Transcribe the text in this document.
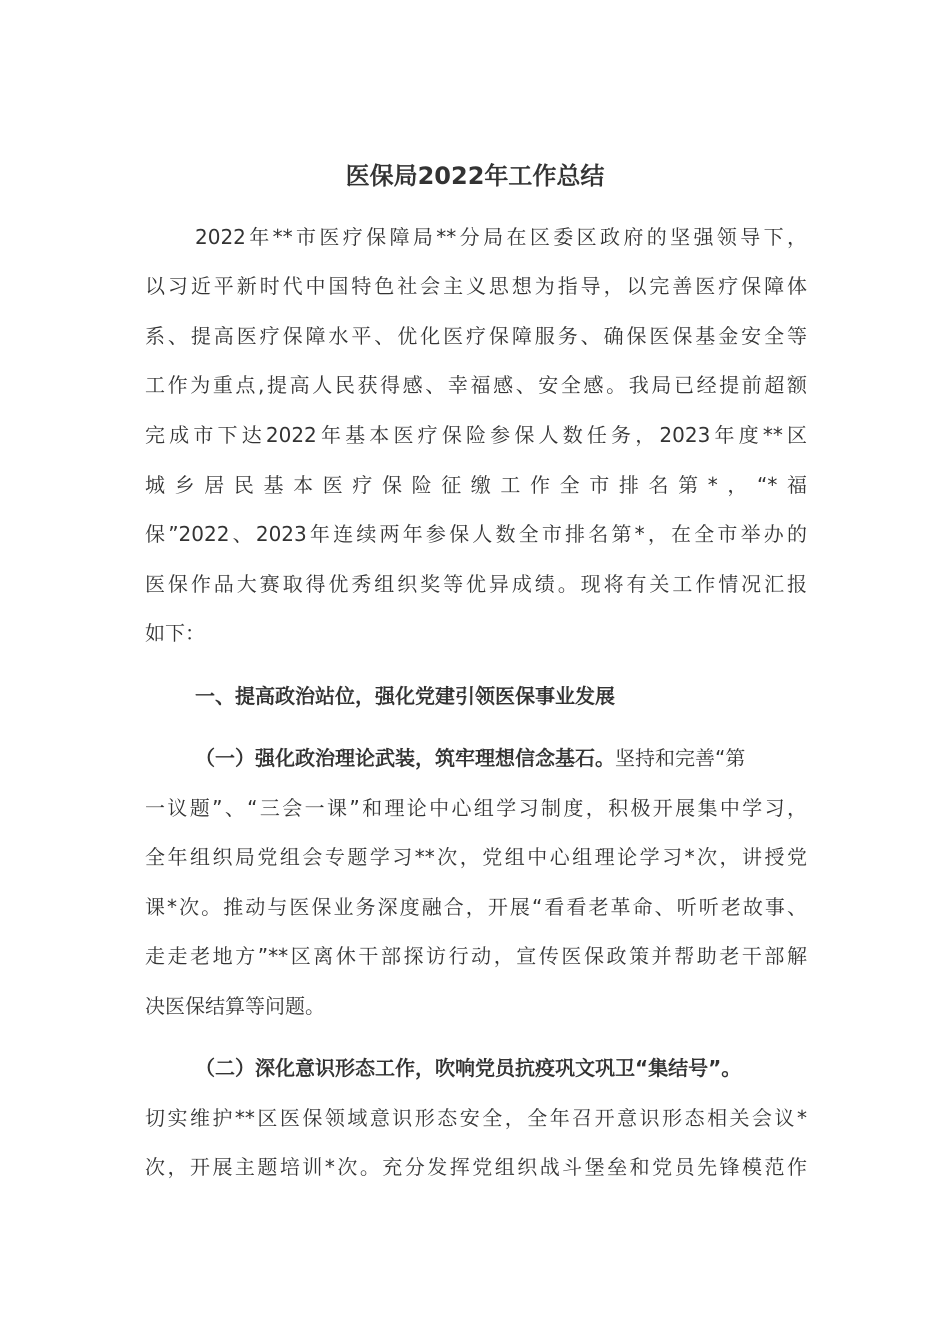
医保局2022年工作总结
2022年**市医疗保障局**分局在区委区政府的坚强领导下，
以习近平新时代中国特色社会主义思想为指导，以完善医疗保障体
系、提高医疗保障水平、优化医疗保障服务、确保医保基金安全等
工作为重点,提高人民获得感、幸福感、安全感。我局已经提前超额
完成市下达2022年基本医疗保险参保人数任务，2023年度**区
城乡居民基本医疗保险征缴工作全市排名第*，“*福
保”2022、2023年连续两年参保人数全市排名第*，在全市举办的
医保作品大赛取得优秀组织奖等优异成绩。现将有关工作情况汇报
如下：
一、提高政治站位，强化党建引领医保事业发展
（一）强化政治理论武装，筑牢理想信念基石。坚持和完善“第
一议题”、“三会一课”和理论中心组学习制度，积极开展集中学习，
全年组织局党组会专题学习**次，党组中心组理论学习*次，讲授党
课*次。推动与医保业务深度融合，开展“看看老革命、听听老故事、
走走老地方”**区离休干部探访行动，宣传医保政策并帮助老干部解
决医保结算等问题。
（二）深化意识形态工作，吹响党员抗疫巩文巩卫“集结号”。
切实维护**区医保领域意识形态安全，全年召开意识形态相关会议*
次，开展主题培训*次。充分发挥党组织战斗堡垒和党员先锋模范作
